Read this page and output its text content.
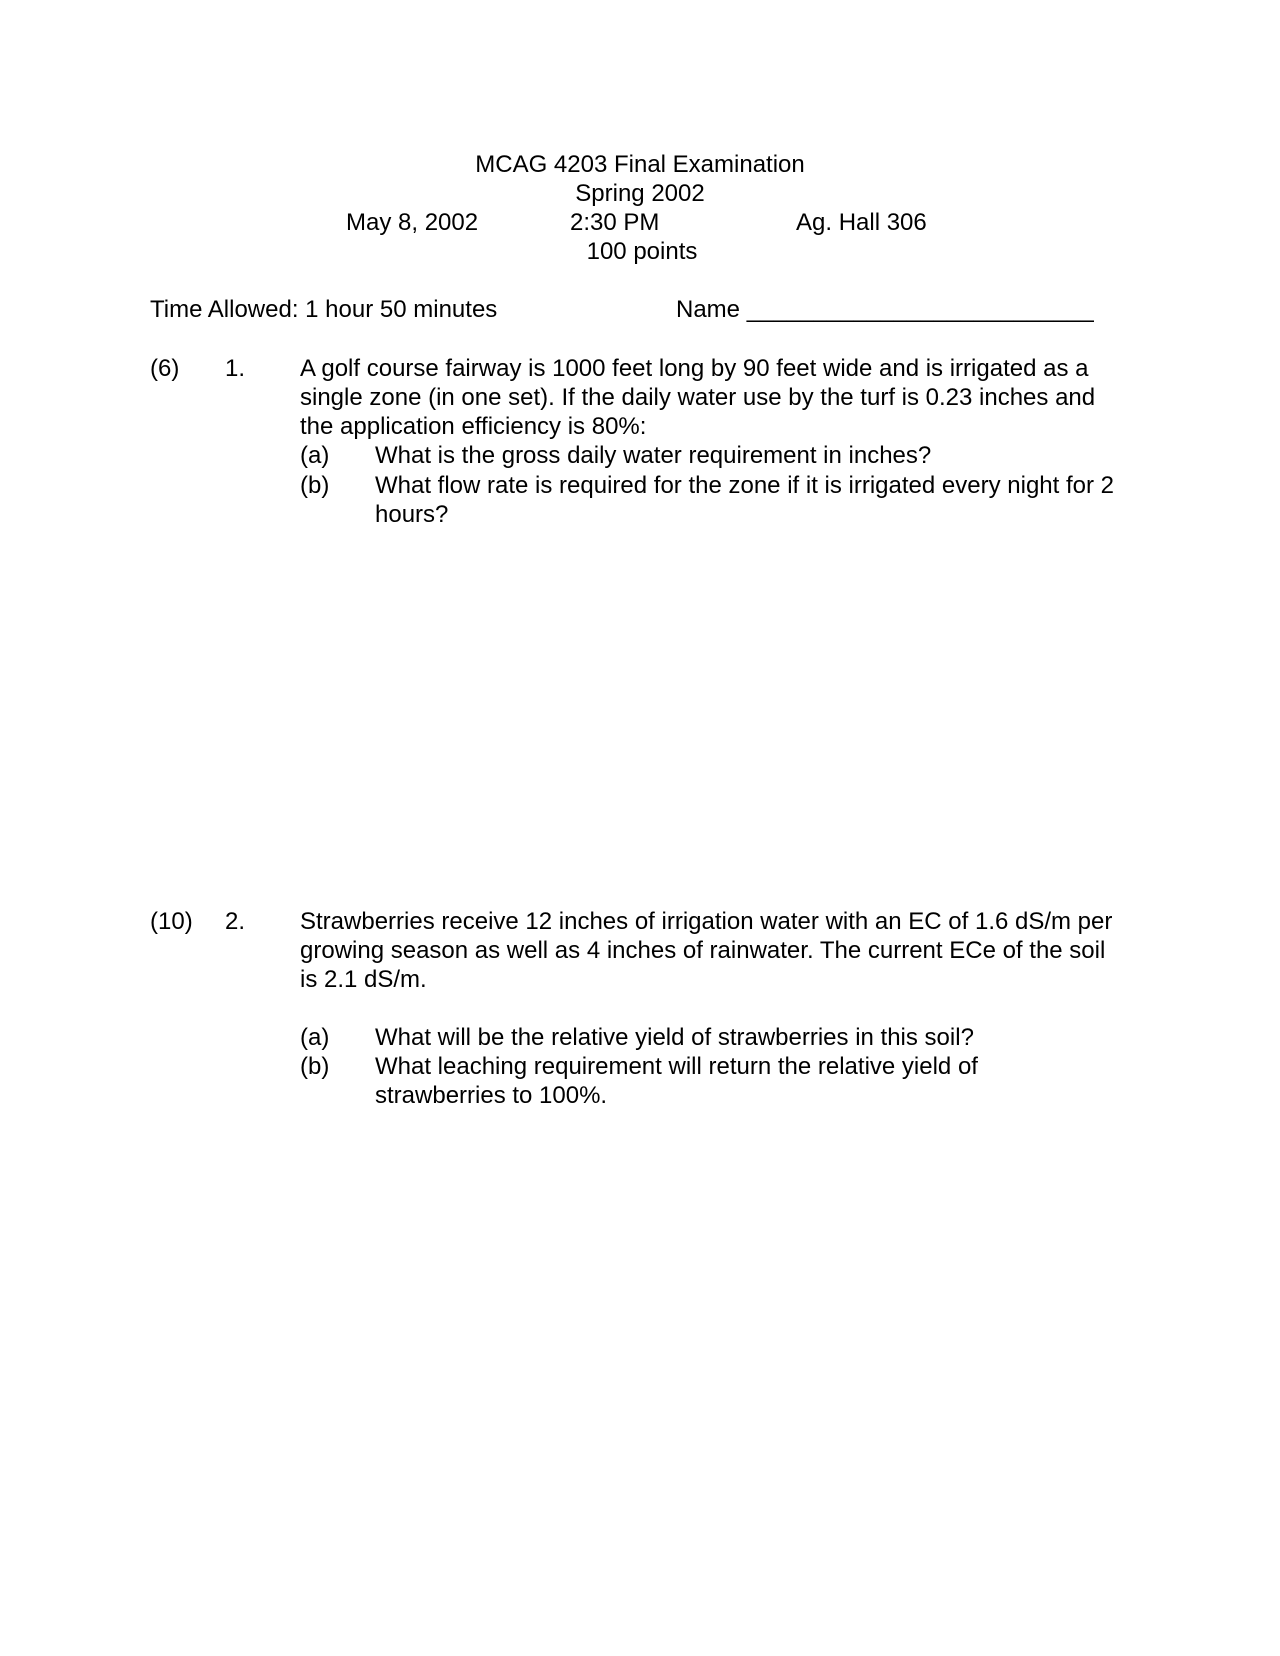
MCAG 4203 Final Examination
Spring 2002
May 8, 2002	2:30 PM	Ag. Hall 306
100 points
Time Allowed: 1 hour 50 minutes	Name __________________________
(6) 1. A golf course fairway is 1000 feet long by 90 feet wide and is irrigated as a single zone (in one set). If the daily water use by the turf is 0.23 inches and the application efficiency is 80%:
(a) What is the gross daily water requirement in inches?
(b) What flow rate is required for the zone if it is irrigated every night for 2 hours?
(10) 2. Strawberries receive 12 inches of irrigation water with an EC of 1.6 dS/m per growing season as well as 4 inches of rainwater. The current ECe of the soil is 2.1 dS/m.
(a) What will be the relative yield of strawberries in this soil?
(b) What leaching requirement will return the relative yield of strawberries to 100%.
